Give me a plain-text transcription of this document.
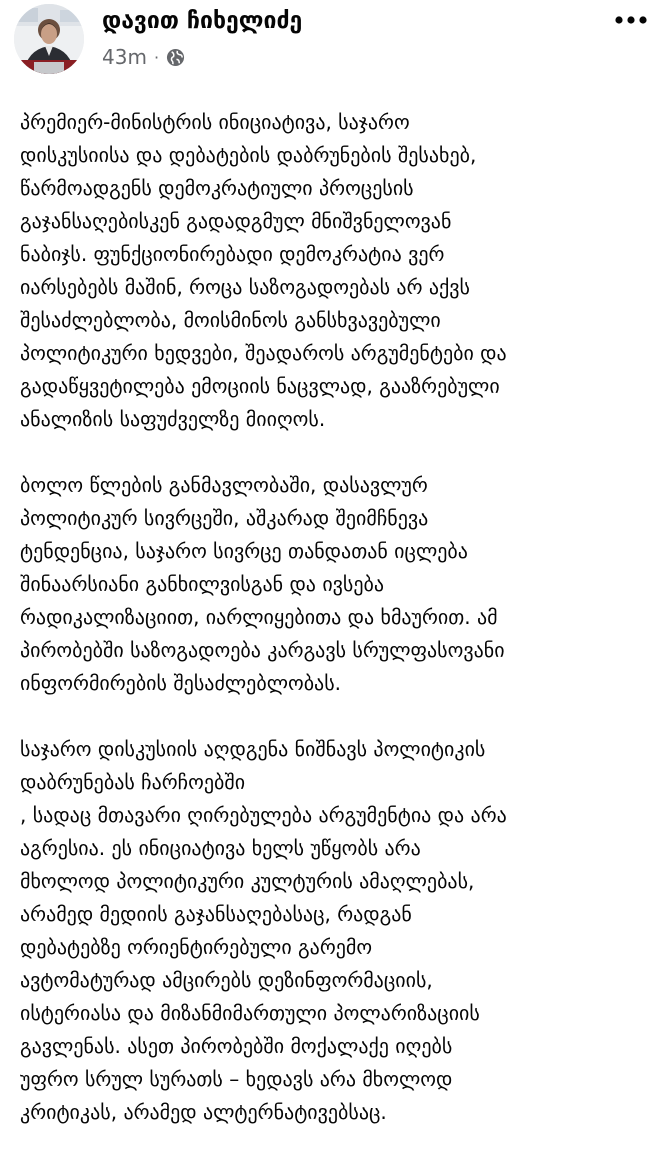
დავით ჩიხელიძე
43m ·
პრემიერ-მინისტრის ინიციატივა, საჯარო
დისკუსიისა და დებატების დაბრუნების შესახებ,
წარმოადგენს დემოკრატიული პროცესის
გაჯანსაღებისკენ გადადგმულ მნიშვნელოვან
ნაბიჯს. ფუნქციონირებადი დემოკრატია ვერ
იარსებებს მაშინ, როცა საზოგადოებას არ აქვს
შესაძლებლობა, მოისმინოს განსხვავებული
პოლიტიკური ხედვები, შეადაროს არგუმენტები და
გადაწყვეტილება ემოციის ნაცვლად, გააზრებული
ანალიზის საფუძველზე მიიღოს.
ბოლო წლების განმავლობაში, დასავლურ
პოლიტიკურ სივრცეში, აშკარად შეიმჩნევა
ტენდენცია, საჯარო სივრცე თანდათან იცლება
შინაარსიანი განხილვისგან და ივსება
რადიკალიზაციით, იარლიყებითა და ხმაურით. ამ
პირობებში საზოგადოება კარგავს სრულფასოვანი
ინფორმირების შესაძლებლობას.
საჯარო დისკუსიის აღდგენა ნიშნავს პოლიტიკის
დაბრუნებას ჩარჩოებში
, სადაც მთავარი ღირებულება არგუმენტია და არა
აგრესია. ეს ინიციატივა ხელს უწყობს არა
მხოლოდ პოლიტიკური კულტურის ამაღლებას,
არამედ მედიის გაჯანსაღებასაც, რადგან
დებატებზე ორიენტირებული გარემო
ავტომატურად ამცირებს დეზინფორმაციის,
ისტერიასა და მიზანმიმართული პოლარიზაციის
გავლენას. ასეთ პირობებში მოქალაქე იღებს
უფრო სრულ სურათს – ხედავს არა მხოლოდ
კრიტიკას, არამედ ალტერნატივებსაც.
